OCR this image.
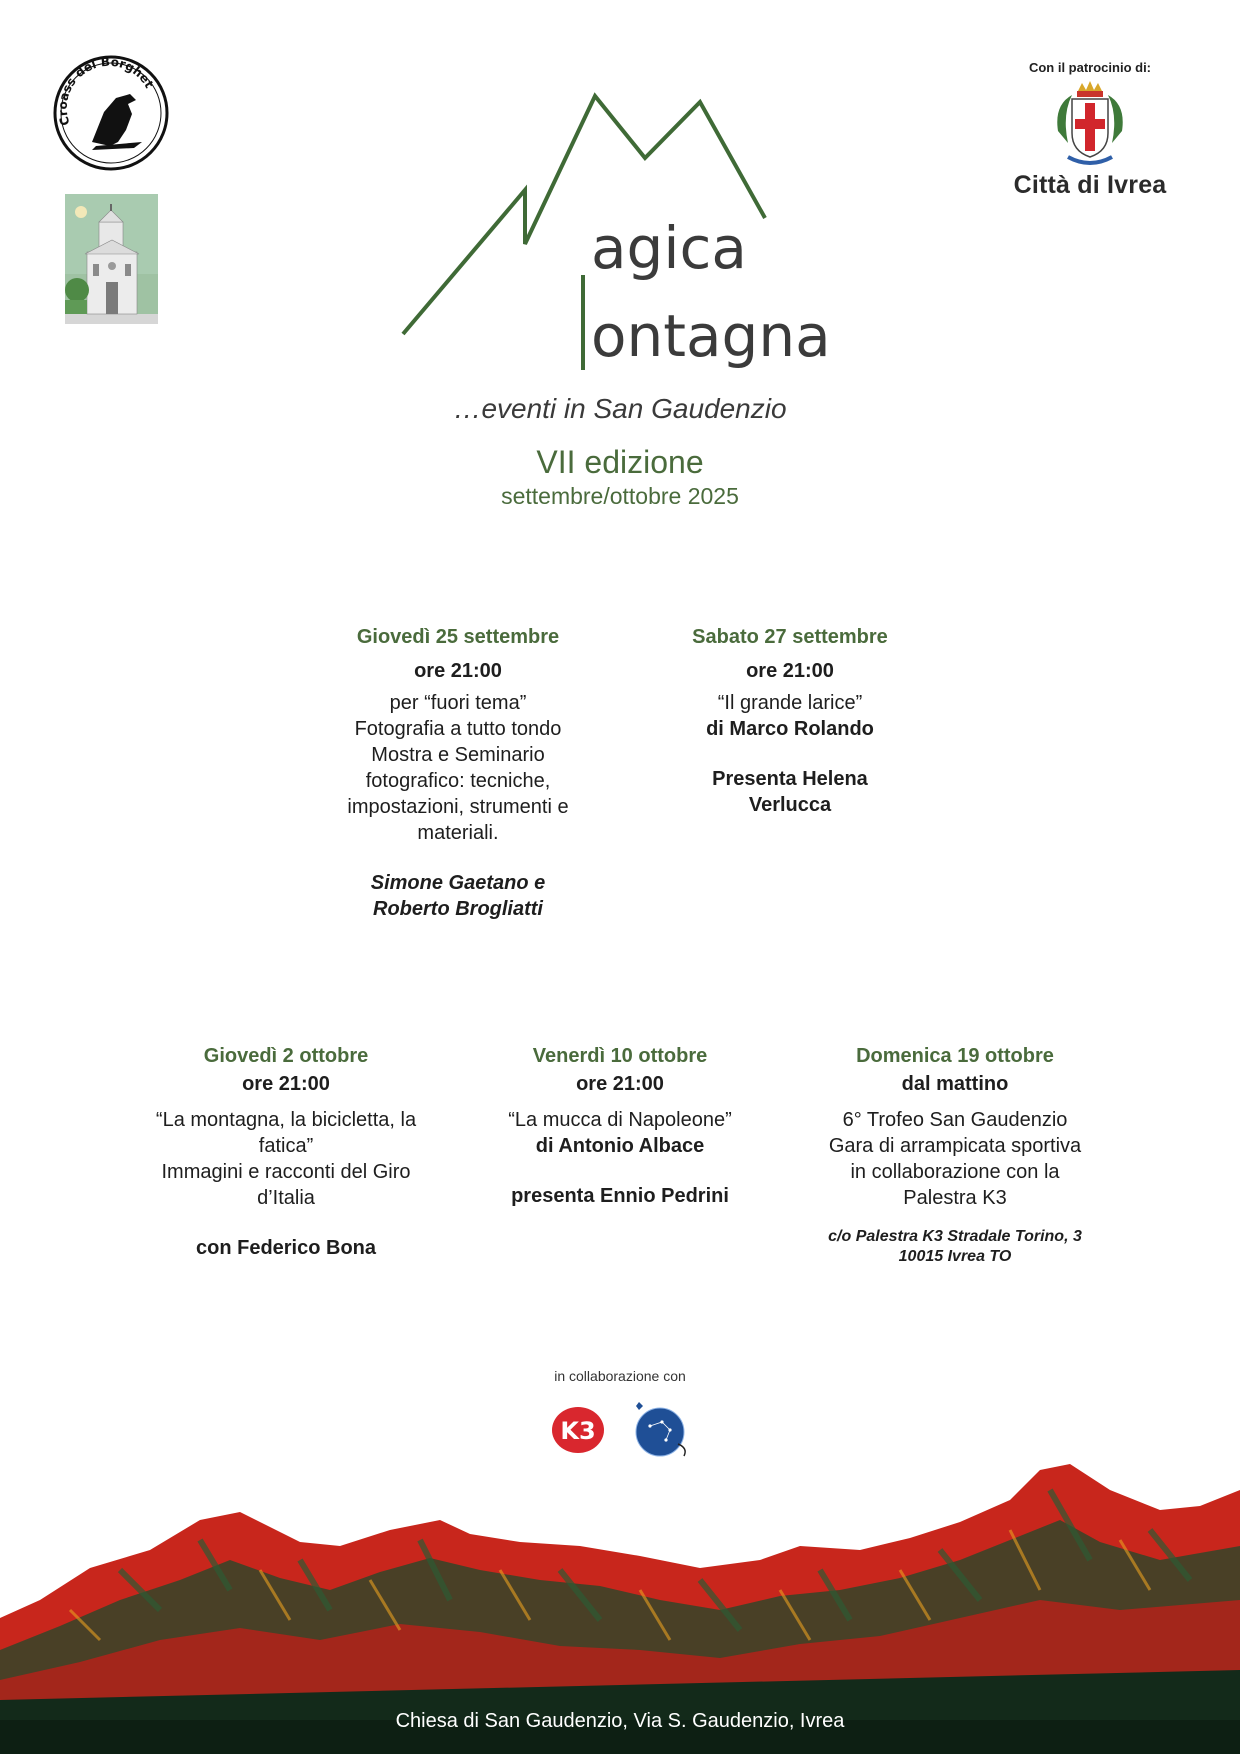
Croass del Borghet
Con il patrocinio di:
Città di Ivrea
agica
ontagna
…eventi in San Gaudenzio
VII edizione
settembre/ottobre 2025
Giovedì 25 settembre
ore 21:00
per “fuori tema”
Fotografia a tutto tondo
Mostra e Seminario
fotografico: tecniche,
impostazioni, strumenti e
materiali.
Simone Gaetano e
Roberto Brogliatti
Sabato 27 settembre
ore 21:00
“Il grande larice”
di Marco Rolando
Presenta Helena
Verlucca
Giovedì 2 ottobre
ore 21:00
“La montagna, la bicicletta, la
fatica”
Immagini e racconti del Giro
d’Italia
con Federico Bona
Venerdì 10 ottobre
ore 21:00
“La mucca di Napoleone”
di Antonio Albace
presenta Ennio Pedrini
Domenica 19 ottobre
dal mattino
6° Trofeo San Gaudenzio
Gara di arrampicata sportiva
in collaborazione con la
Palestra K3
c/o Palestra K3 Stradale Torino, 3
10015 Ivrea TO
in collaborazione con
K3
Chiesa di San Gaudenzio, Via S. Gaudenzio, Ivrea
